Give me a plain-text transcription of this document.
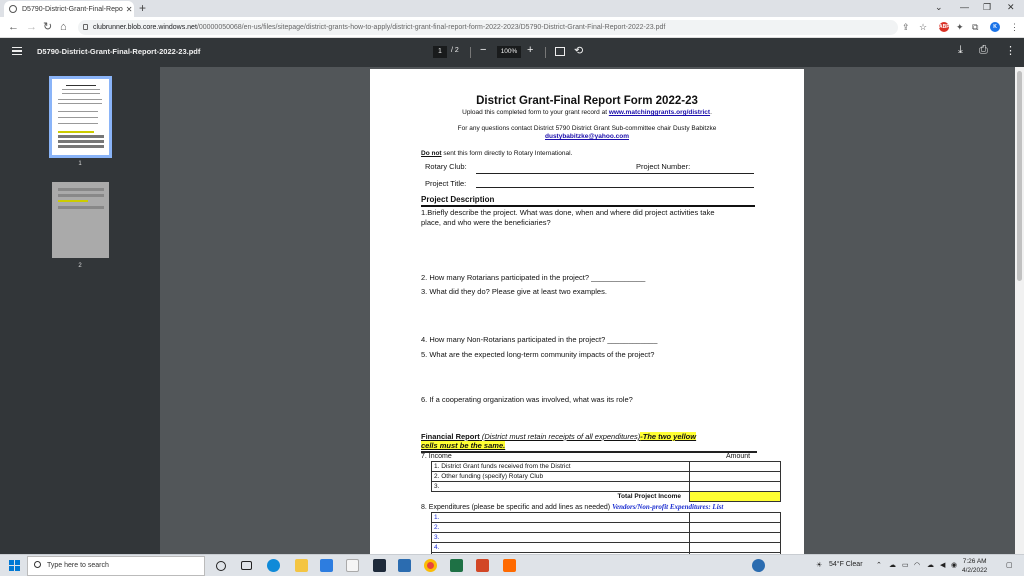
D5790-District-Grant-Final-Repo ✕ +	⌄ — ❐ ✕
← → ↻ ⌂	clubrunner.blob.core.windows.net/00000050068/en-us/files/sitepage/district-grants-how-to-apply/district-grant-final-report-form-2022-2023/D5790-District-Grant-Final-Report-2022-23.pdf	⇪ ☆ ABP ✦ ⧉	K	⋮
D5790-District-Grant-Final-Report-2022-23.pdf	1	/ 2 −	100% +	⟲	⤓ ⎙ ⋮
1
2
District Grant-Final Report Form 2022-23
Upload this completed form to your grant record at www.matchinggrants.org/district.
For any questions contact District 5790 District Grant Sub-committee chair Dusty Babitzke
dustybabitzke@yahoo.com
Do not sent this form directly to Rotary International.
Rotary Club:	Project Number:
Project Title:
Project Description
1.Briefly describe the project. What was done, when and where did project activities take
place, and who were the beneficiaries?
2. How many Rotarians participated in the project? _____________
3. What did they do? Please give at least two examples.
4. How many Non-Rotarians participated in the project? ____________
5. What are the expected long-term community impacts of the project?
6. If a cooperating organization was involved, what was its role?
Financial Report (District must retain receipts of all expenditures)-The two yellow
cells must be the same.
7. Income	Amount
1. District Grant funds received from the District	
2. Other funding (specify) Rotary Club	
3.	
Total Project Income	
8. Expenditures (please be specific and add lines as needed) Vendors/Non-profit Expenditures: List
1.	
2.	
3.	
4.	

Type here to search	☀ 54°F Clear ⌃ ☁ ▭ ◠ ☁ ◀ ◉
7:26 AM
4/2/2022
▢
